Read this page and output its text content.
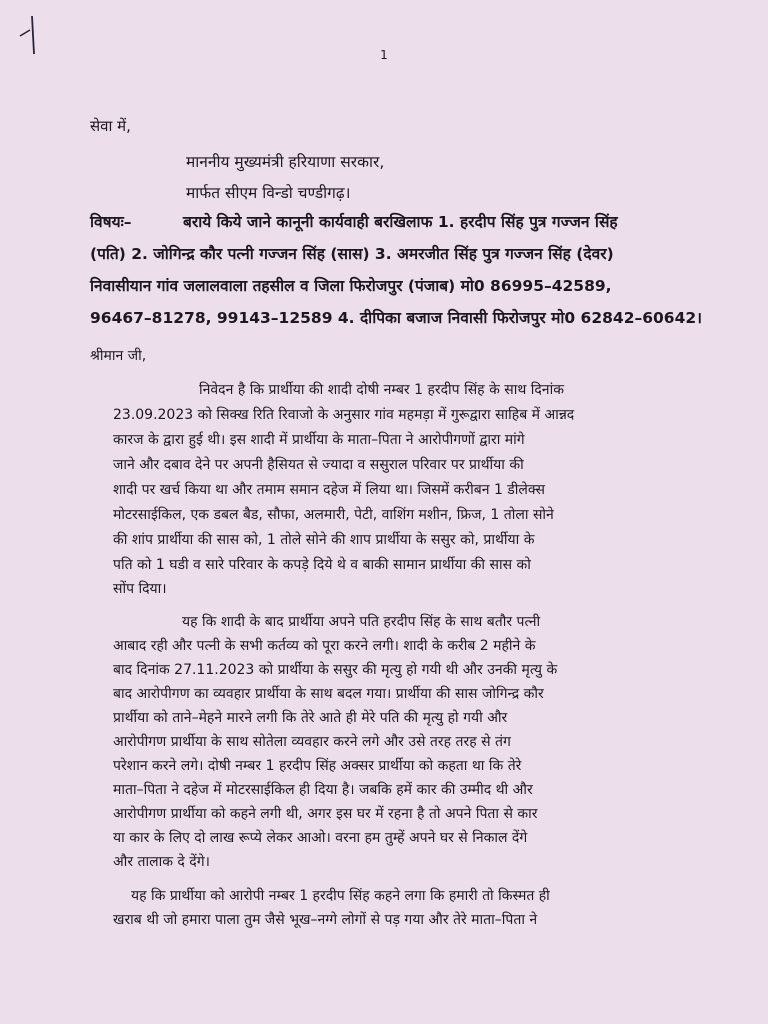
1
सेवा में,
माननीय मुख्यमंत्री हरियाणा सरकार,
मार्फत सीएम विन्डो चण्डीगढ़।
विषयः–	बराये किये जाने कानूनी कार्यवाही बरखिलाफ 1. हरदीप सिंह पुत्र गज्जन सिंह
(पति) 2. जोगिन्द्र कौर पत्नी गज्जन सिंह (सास) 3. अमरजीत सिंह पुत्र गज्जन सिंह (देवर)
निवासीयान गांव जलालवाला तहसील व जिला फिरोजपुर (पंजाब) मो0 86995–42589,
96467–81278, 99143–12589 4. दीपिका बजाज निवासी फिरोजपुर मो0 62842–60642।
श्रीमान जी,
निवेदन है कि प्रार्थीया की शादी दोषी नम्बर 1 हरदीप सिंह के साथ दिनांक
23.09.2023 को सिक्ख रिति रिवाजो के अनुसार गांव महमड़ा में गुरूद्वारा साहिब में आन्नद
कारज के द्वारा हुई थी। इस शादी में प्रार्थीया के माता–पिता ने आरोपीगणों द्वारा मांगे
जाने और दबाव देने पर अपनी हैसियत से ज्यादा व ससुराल परिवार पर प्रार्थीया की
शादी पर खर्च किया था और तमाम समान दहेज में लिया था। जिसमें करीबन 1 डीलेक्स
मोटरसाईकिल, एक डबल बैड, सौफा, अलमारी, पेटी, वाशिंग मशीन, फ्रिज, 1 तोला सोने
की शांप प्रार्थीया की सास को, 1 तोले सोने की शाप प्रार्थीया के ससुर को, प्रार्थीया के
पति को 1 घडी व सारे परिवार के कपड़े दिये थे व बाकी सामान प्रार्थीया की सास को
सोंप दिया।
यह कि शादी के बाद प्रार्थीया अपने पति हरदीप सिंह के साथ बतौर पत्नी
आबाद रही और पत्नी के सभी कर्तव्य को पूरा करने लगी। शादी के करीब 2 महीने के
बाद दिनांक 27.11.2023 को प्रार्थीया के ससुर की मृत्यु हो गयी थी और उनकी मृत्यु के
बाद आरोपीगण का व्यवहार प्रार्थीया के साथ बदल गया। प्रार्थीया की सास जोगिन्द्र कौर
प्रार्थीया को ताने–मेहने मारने लगी कि तेरे आते ही मेरे पति की मृत्यु हो गयी और
आरोपीगण प्रार्थीया के साथ सोतेला व्यवहार करने लगे और उसे तरह तरह से तंग
परेशान करने लगे। दोषी नम्बर 1 हरदीप सिंह अक्सर प्रार्थीया को कहता था कि तेरे
माता–पिता ने दहेज में मोटरसाईकिल ही दिया है। जबकि हमें कार की उम्मीद थी और
आरोपीगण प्रार्थीया को कहने लगी थी, अगर इस घर में रहना है तो अपने पिता से कार
या कार के लिए दो लाख रूप्ये लेकर आओ। वरना हम तुम्हें अपने घर से निकाल देंगे
और तालाक दे देंगे।
यह कि प्रार्थीया को आरोपी नम्बर 1 हरदीप सिंह कहने लगा कि हमारी तो किस्मत ही
खराब थी जो हमारा पाला तुम जैसे भूख–नग्गे लोगों से पड़ गया और तेरे माता–पिता ने
